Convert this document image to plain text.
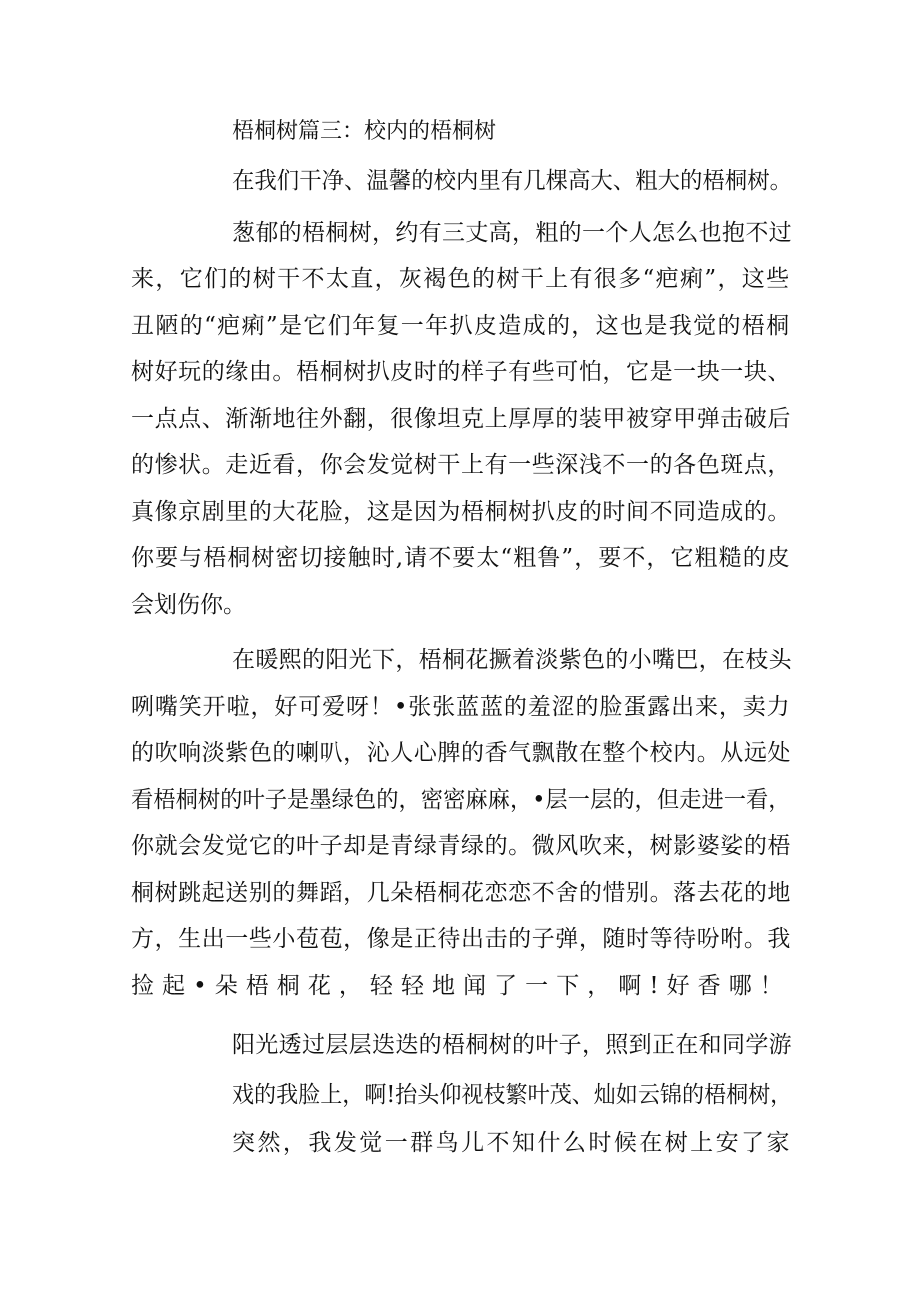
梧桐树篇三：校内的梧桐树

在我们干净、温馨的校内里有几棵高大、粗大的梧桐树。

葱郁的梧桐树，约有三丈高，粗的一个人怎么也抱不过

来，它们的树干不太直，灰褐色的树干上有很多“疤痢”，这些

丑陋的“疤痢”是它们年复一年扒皮造成的，这也是我觉的梧桐

树好玩的缘由。梧桐树扒皮时的样子有些可怕，它是一块一块、

一点点、渐渐地往外翻，很像坦克上厚厚的装甲被穿甲弹击破后

的惨状。走近看，你会发觉树干上有一些深浅不一的各色斑点，

真像京剧里的大花脸，这是因为梧桐树扒皮的时间不同造成的。

你要与梧桐树密切接触时,请不要太“粗鲁”，要不，它粗糙的皮

会划伤你。

在暖熙的阳光下，梧桐花撅着淡紫色的小嘴巴，在枝头

咧嘴笑开啦，好可爱呀！•张张蓝蓝的羞涩的脸蛋露出来，卖力

的吹响淡紫色的喇叭，沁人心脾的香气飘散在整个校内。从远处

看梧桐树的叶子是墨绿色的，密密麻麻，•层一层的，但走进一看，

你就会发觉它的叶子却是青绿青绿的。微风吹来，树影婆娑的梧

桐树跳起送别的舞蹈，几朵梧桐花恋恋不舍的惜别。落去花的地

方，生出一些小苞苞，像是正待出击的子弹，随时等待吩咐。我

捡起•朵梧桐花，轻轻地闻了一下，啊!好香哪！

阳光透过层层迭迭的梧桐树的叶子，照到正在和同学游

戏的我脸上，啊!抬头仰视枝繁叶茂、灿如云锦的梧桐树，

突然，我发觉一群鸟儿不知什么时候在树上安了家
